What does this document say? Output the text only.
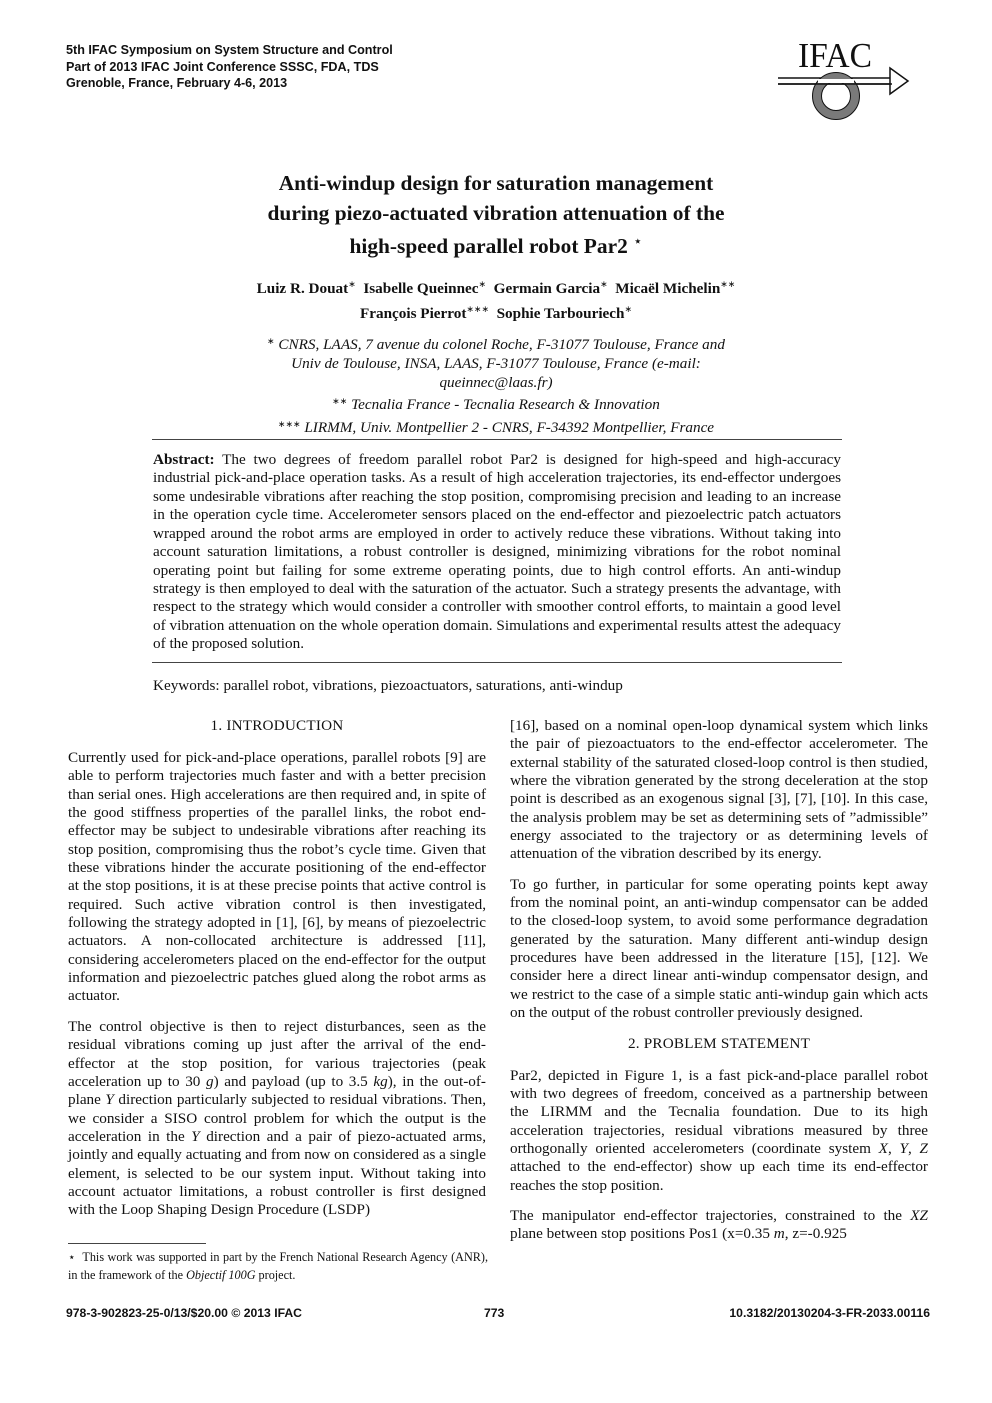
5th IFAC Symposium on System Structure and Control
Part of 2013 IFAC Joint Conference SSSC, FDA, TDS
Grenoble, France, February 4-6, 2013
IFAC
Anti-windup design for saturation management
during piezo-actuated vibration attenuation of the
high-speed parallel robot Par2 ⋆
Luiz R. Douat∗ Isabelle Queinnec∗ Germain Garcia∗ Micaël Michelin∗∗
François Pierrot∗∗∗ Sophie Tarbouriech∗
∗ CNRS, LAAS, 7 avenue du colonel Roche, F-31077 Toulouse, France and
Univ de Toulouse, INSA, LAAS, F-31077 Toulouse, France (e-mail:
queinnec@laas.fr)
∗∗ Tecnalia France - Tecnalia Research & Innovation
∗∗∗ LIRMM, Univ. Montpellier 2 - CNRS, F-34392 Montpellier, France
Abstract: The two degrees of freedom parallel robot Par2 is designed for high-speed and high-accuracy industrial pick-and-place operation tasks. As a result of high acceleration trajectories, its end-effector undergoes some undesirable vibrations after reaching the stop position, compromising precision and leading to an increase in the operation cycle time. Accelerometer sensors placed on the end-effector and piezoelectric patch actuators wrapped around the robot arms are employed in order to actively reduce these vibrations. Without taking into account saturation limitations, a robust controller is designed, minimizing vibrations for the robot nominal operating point but failing for some extreme operating points, due to high control efforts. An anti-windup strategy is then employed to deal with the saturation of the actuator. Such a strategy presents the advantage, with respect to the strategy which would consider a controller with smoother control efforts, to maintain a good level of vibration attenuation on the whole operation domain. Simulations and experimental results attest the adequacy of the proposed solution.
Keywords: parallel robot, vibrations, piezoactuators, saturations, anti-windup
1. INTRODUCTION

Currently used for pick-and-place operations, parallel robots [9] are able to perform trajectories much faster and with a better precision than serial ones. High accelerations are then required and, in spite of the good stiffness properties of the parallel links, the robot end-effector may be subject to undesirable vibrations after reaching its stop position, compromising thus the robot’s cycle time. Given that these vibrations hinder the accurate positioning of the end-effector at the stop positions, it is at these precise points that active control is required. Such active vibration control is then investigated, following the strategy adopted in [1], [6], by means of piezoelectric actuators. A non-collocated architecture is addressed [11], considering accelerometers placed on the end-effector for the output information and piezoelectric patches glued along the robot arms as actuator.

The control objective is then to reject disturbances, seen as the residual vibrations coming up just after the arrival of the end-effector at the stop position, for various trajectories (peak acceleration up to 30 g) and payload (up to 3.5 kg), in the out-of-plane Y direction particularly subjected to residual vibrations. Then, we consider a SISO control problem for which the output is the acceleration in the Y direction and a pair of piezo-actuated arms, jointly and equally actuating and from now on considered as a single element, is selected to be our system input. Without taking into account actuator limitations, a robust controller is first designed with the Loop Shaping Design Procedure (LSDP)

[16], based on a nominal open-loop dynamical system which links the pair of piezoactuators to the end-effector accelerometer. The external stability of the saturated closed-loop control is then studied, where the vibration generated by the strong deceleration at the stop point is described as an exogenous signal [3], [7], [10]. In this case, the analysis problem may be set as determining sets of ”admissible” energy associated to the trajectory or as determining levels of attenuation of the vibration described by its energy.

To go further, in particular for some operating points kept away from the nominal point, an anti-windup compensator can be added to the closed-loop system, to avoid some performance degradation generated by the saturation. Many different anti-windup design procedures have been addressed in the literature [15], [12]. We consider here a direct linear anti-windup compensator design, and we restrict to the case of a simple static anti-windup gain which acts on the output of the robust controller previously designed.

2. PROBLEM STATEMENT

Par2, depicted in Figure 1, is a fast pick-and-place parallel robot with two degrees of freedom, conceived as a partnership between the LIRMM and the Tecnalia foundation. Due to its high acceleration trajectories, residual vibrations measured by three orthogonally oriented accelerometers (coordinate system X, Y, Z attached to the end-effector) show up each time its end-effector reaches the stop position.

The manipulator end-effector trajectories, constrained to the XZ plane between stop positions Pos1 (x=0.35 m, z=-0.925

⋆ This work was supported in part by the French National Research Agency (ANR), in the framework of the Objectif 100G project.
978-3-902823-25-0/13/$20.00 © 2013 IFAC	773	10.3182/20130204-3-FR-2033.00116
